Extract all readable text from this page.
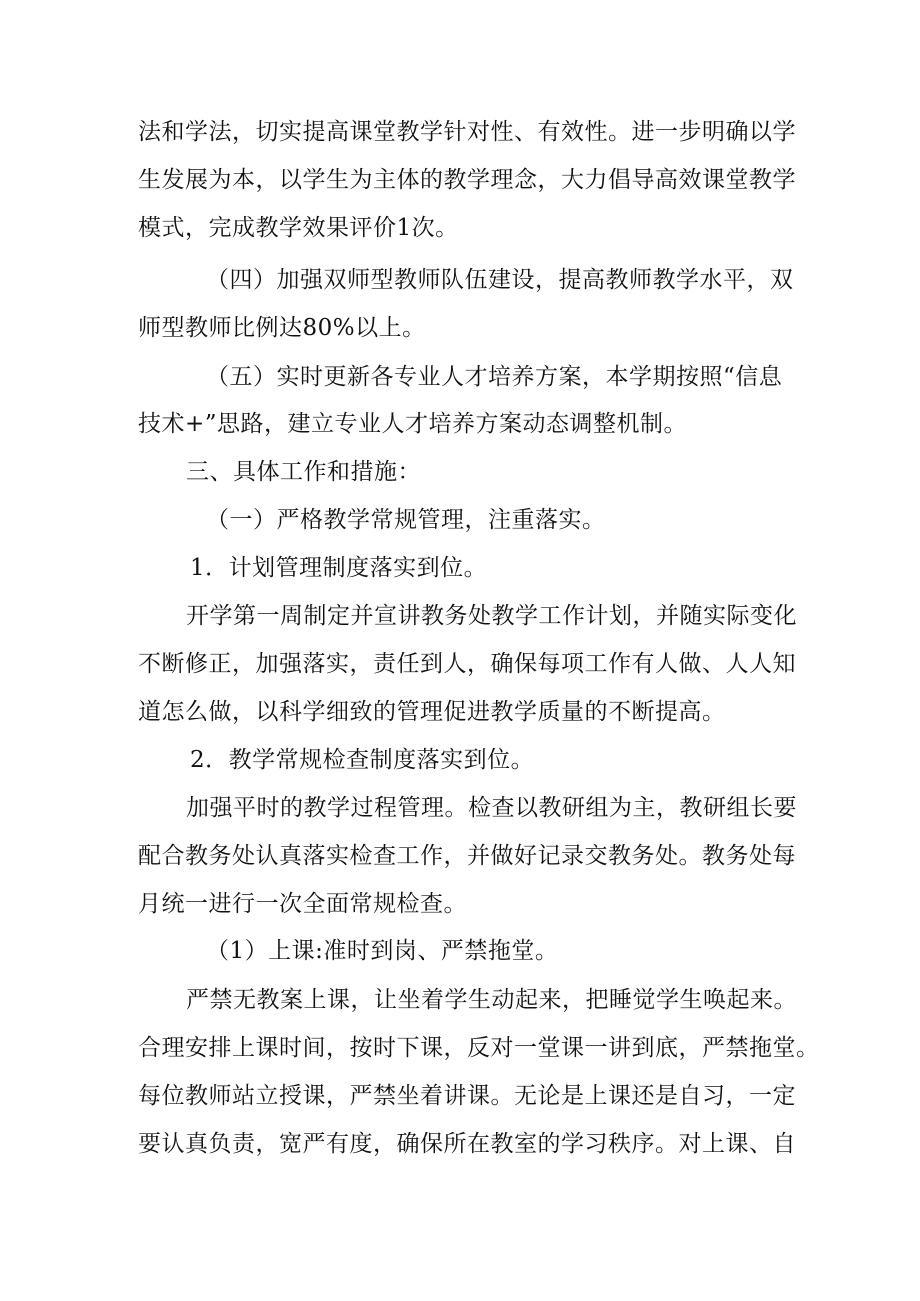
法和学法，切实提高课堂教学针对性、有效性。进一步明确以学
生发展为本，以学生为主体的教学理念，大力倡导高效课堂教学
模式，完成教学效果评价1次。
（四）加强双师型教师队伍建设，提高教师教学水平，双
师型教师比例达80%以上。
（五）实时更新各专业人才培养方案，本学期按照“信息
技术+”思路，建立专业人才培养方案动态调整机制。
三、具体工作和措施：
（一）严格教学常规管理，注重落实。
1．计划管理制度落实到位。
开学第一周制定并宣讲教务处教学工作计划，并随实际变化
不断修正，加强落实，责任到人，确保每项工作有人做、人人知
道怎么做，以科学细致的管理促进教学质量的不断提高。
2．教学常规检查制度落实到位。
加强平时的教学过程管理。检查以教研组为主，教研组长要
配合教务处认真落实检查工作，并做好记录交教务处。教务处每
月统一进行一次全面常规检查。
（1）上课:准时到岗、严禁拖堂。
严禁无教案上课，让坐着学生动起来，把睡觉学生唤起来。
合理安排上课时间，按时下课，反对一堂课一讲到底，严禁拖堂。
每位教师站立授课，严禁坐着讲课。无论是上课还是自习，一定
要认真负责，宽严有度，确保所在教室的学习秩序。对上课、自
